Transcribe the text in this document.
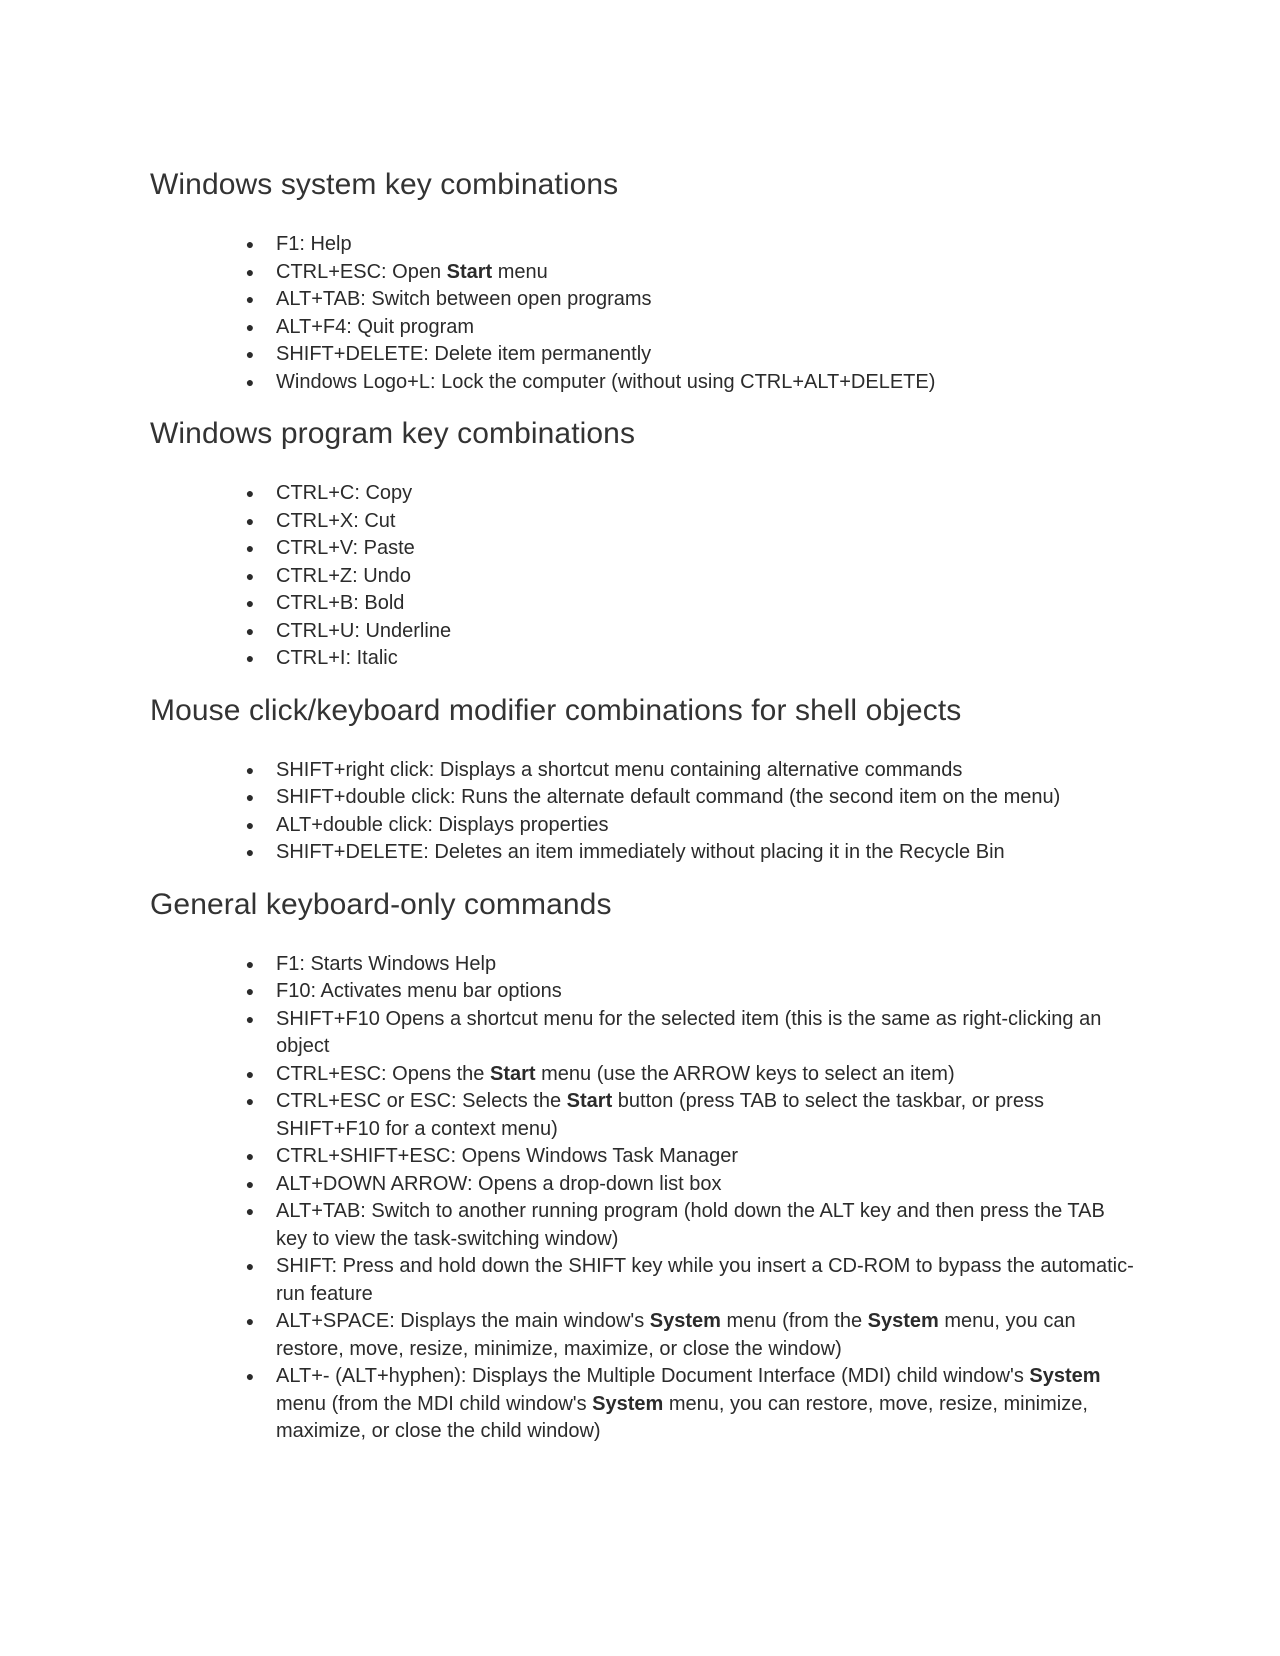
Windows system key combinations
● F1: Help
● CTRL+ESC: Open Start menu
● ALT+TAB: Switch between open programs
● ALT+F4: Quit program
● SHIFT+DELETE: Delete item permanently
● Windows Logo+L: Lock the computer (without using CTRL+ALT+DELETE)
Windows program key combinations
● CTRL+C: Copy
● CTRL+X: Cut
● CTRL+V: Paste
● CTRL+Z: Undo
● CTRL+B: Bold
● CTRL+U: Underline
● CTRL+I: Italic
Mouse click/keyboard modifier combinations for shell objects
● SHIFT+right click: Displays a shortcut menu containing alternative commands
● SHIFT+double click: Runs the alternate default command (the second item on the menu)
● ALT+double click: Displays properties
● SHIFT+DELETE: Deletes an item immediately without placing it in the Recycle Bin
General keyboard-only commands
● F1: Starts Windows Help
● F10: Activates menu bar options
● SHIFT+F10 Opens a shortcut menu for the selected item (this is the same as right-clicking an object
● CTRL+ESC: Opens the Start menu (use the ARROW keys to select an item)
● CTRL+ESC or ESC: Selects the Start button (press TAB to select the taskbar, or press SHIFT+F10 for a context menu)
● CTRL+SHIFT+ESC: Opens Windows Task Manager
● ALT+DOWN ARROW: Opens a drop-down list box
● ALT+TAB: Switch to another running program (hold down the ALT key and then press the TAB key to view the task-switching window)
● SHIFT: Press and hold down the SHIFT key while you insert a CD-ROM to bypass the automatic-run feature
● ALT+SPACE: Displays the main window's System menu (from the System menu, you can restore, move, resize, minimize, maximize, or close the window)
● ALT+- (ALT+hyphen): Displays the Multiple Document Interface (MDI) child window's System menu (from the MDI child window's System menu, you can restore, move, resize, minimize, maximize, or close the child window)
